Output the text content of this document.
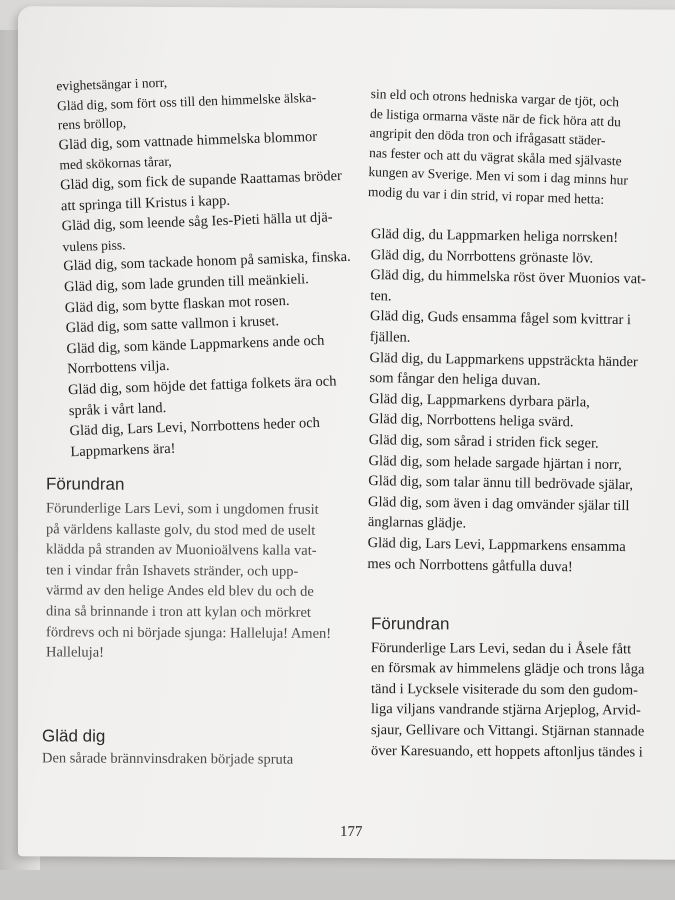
evighetsängar i norr,
Gläd dig, som fört oss till den himmelske älska-
rens bröllop,
Gläd dig, som vattnade himmelska blommor
med skökornas tårar,
Gläd dig, som fick de supande Raattamas bröder
att springa till Kristus i kapp.
Gläd dig, som leende såg Ies-Pieti hälla ut djä-
vulens piss.
Gläd dig, som tackade honom på samiska, finska.
Gläd dig, som lade grunden till meänkieli.
Gläd dig, som bytte flaskan mot rosen.
Gläd dig, som satte vallmon i kruset.
Gläd dig, som kände Lappmarkens ande och
Norrbottens vilja.
Gläd dig, som höjde det fattiga folkets ära och
språk i vårt land.
Gläd dig, Lars Levi, Norrbottens heder och
Lappmarkens ära!
Förundran
Förunderlige Lars Levi, som i ungdomen frusit
på världens kallaste golv, du stod med de uselt
klädda på stranden av Muonioälvens kalla vat-
ten i vindar från Ishavets stränder, och upp-
värmd av den helige Andes eld blev du och de
dina så brinnande i tron att kylan och mörkret
fördrevs och ni började sjunga: Halleluja! Amen!
Halleluja!
Gläd dig
Den sårade brännvinsdraken började spruta
sin eld och otrons hedniska vargar de tjöt, och
de listiga ormarna väste när de fick höra att du
angripit den döda tron och ifrågasatt städer-
nas fester och att du vägrat skåla med självaste
kungen av Sverige. Men vi som i dag minns hur
modig du var i din strid, vi ropar med hetta:
Gläd dig, du Lappmarken heliga norrsken!
Gläd dig, du Norrbottens grönaste löv.
Gläd dig, du himmelska röst över Muonios vat-
ten.
Gläd dig, Guds ensamma fågel som kvittrar i
fjällen.
Gläd dig, du Lappmarkens uppsträckta händer
som fångar den heliga duvan.
Gläd dig, Lappmarkens dyrbara pärla,
Gläd dig, Norrbottens heliga svärd.
Gläd dig, som sårad i striden fick seger.
Gläd dig, som helade sargade hjärtan i norr,
Gläd dig, som talar ännu till bedrövade själar,
Gläd dig, som även i dag omvänder själar till
änglarnas glädje.
Gläd dig, Lars Levi, Lappmarkens ensamma
mes och Norrbottens gåtfulla duva!
Förundran
Förunderlige Lars Levi, sedan du i Åsele fått
en försmak av himmelens glädje och trons låga
tänd i Lycksele visiterade du som den gudom-
liga viljans vandrande stjärna Arjeplog, Arvid-
sjaur, Gellivare och Vittangi. Stjärnan stannade
över Karesuando, ett hoppets aftonljus tändes i
177
